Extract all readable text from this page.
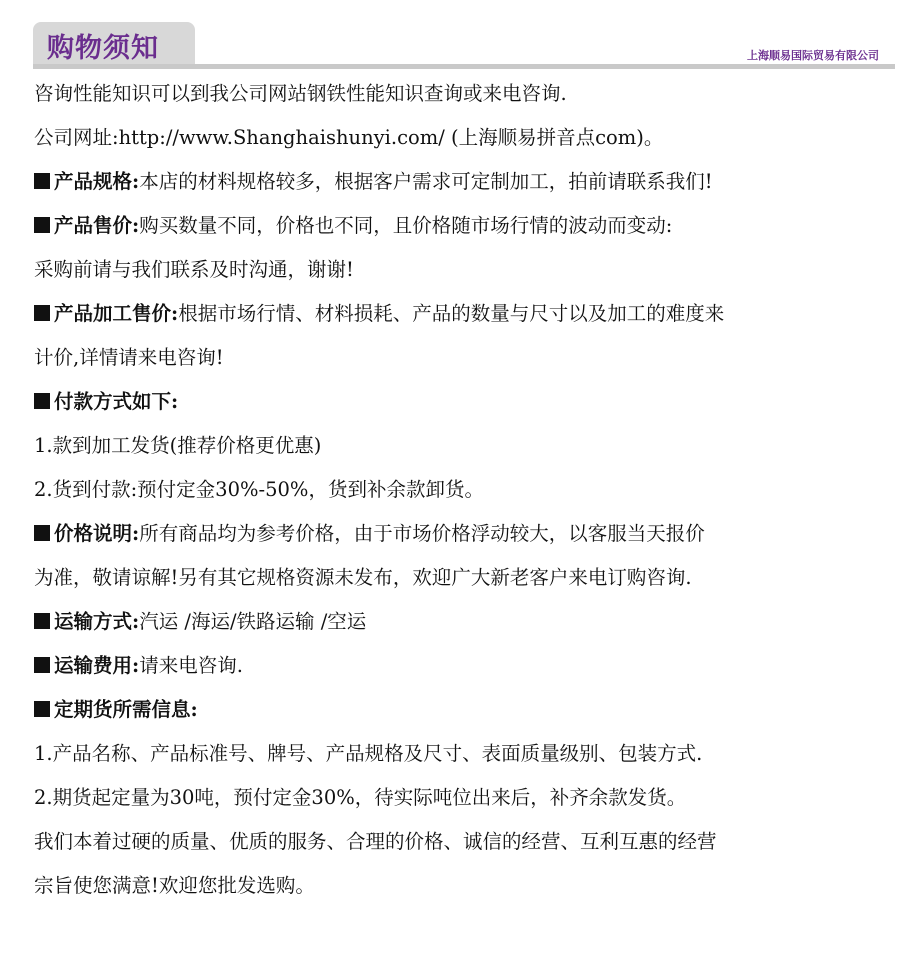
购物须知	上海顺易国际贸易有限公司
咨询性能知识可以到我公司网站钢铁性能知识查询或来电咨询.
公司网址:http://www.Shanghaishunyi.com/ (上海顺易拼音点com)。
产品规格:本店的材料规格较多，根据客户需求可定制加工，拍前请联系我们!
产品售价:购买数量不同，价格也不同，且价格随市场行情的波动而变动:
采购前请与我们联系及时沟通，谢谢!
产品加工售价:根据市场行情、材料损耗、产品的数量与尺寸以及加工的难度来
计价,详情请来电咨询!
付款方式如下:
1.款到加工发货(推荐价格更优惠)
2.货到付款:预付定金30%-50%，货到补余款卸货。
价格说明:所有商品均为参考价格，由于市场价格浮动较大，以客服当天报价
为准，敬请谅解!另有其它规格资源未发布，欢迎广大新老客户来电订购咨询.
运输方式:汽运 /海运/铁路运输 /空运
运输费用:请来电咨询.
定期货所需信息:
1.产品名称、产品标准号、牌号、产品规格及尺寸、表面质量级别、包装方式.
2.期货起定量为30吨，预付定金30%，待实际吨位出来后，补齐余款发货。
我们本着过硬的质量、优质的服务、合理的价格、诚信的经营、互利互惠的经营
宗旨使您满意!欢迎您批发选购。
